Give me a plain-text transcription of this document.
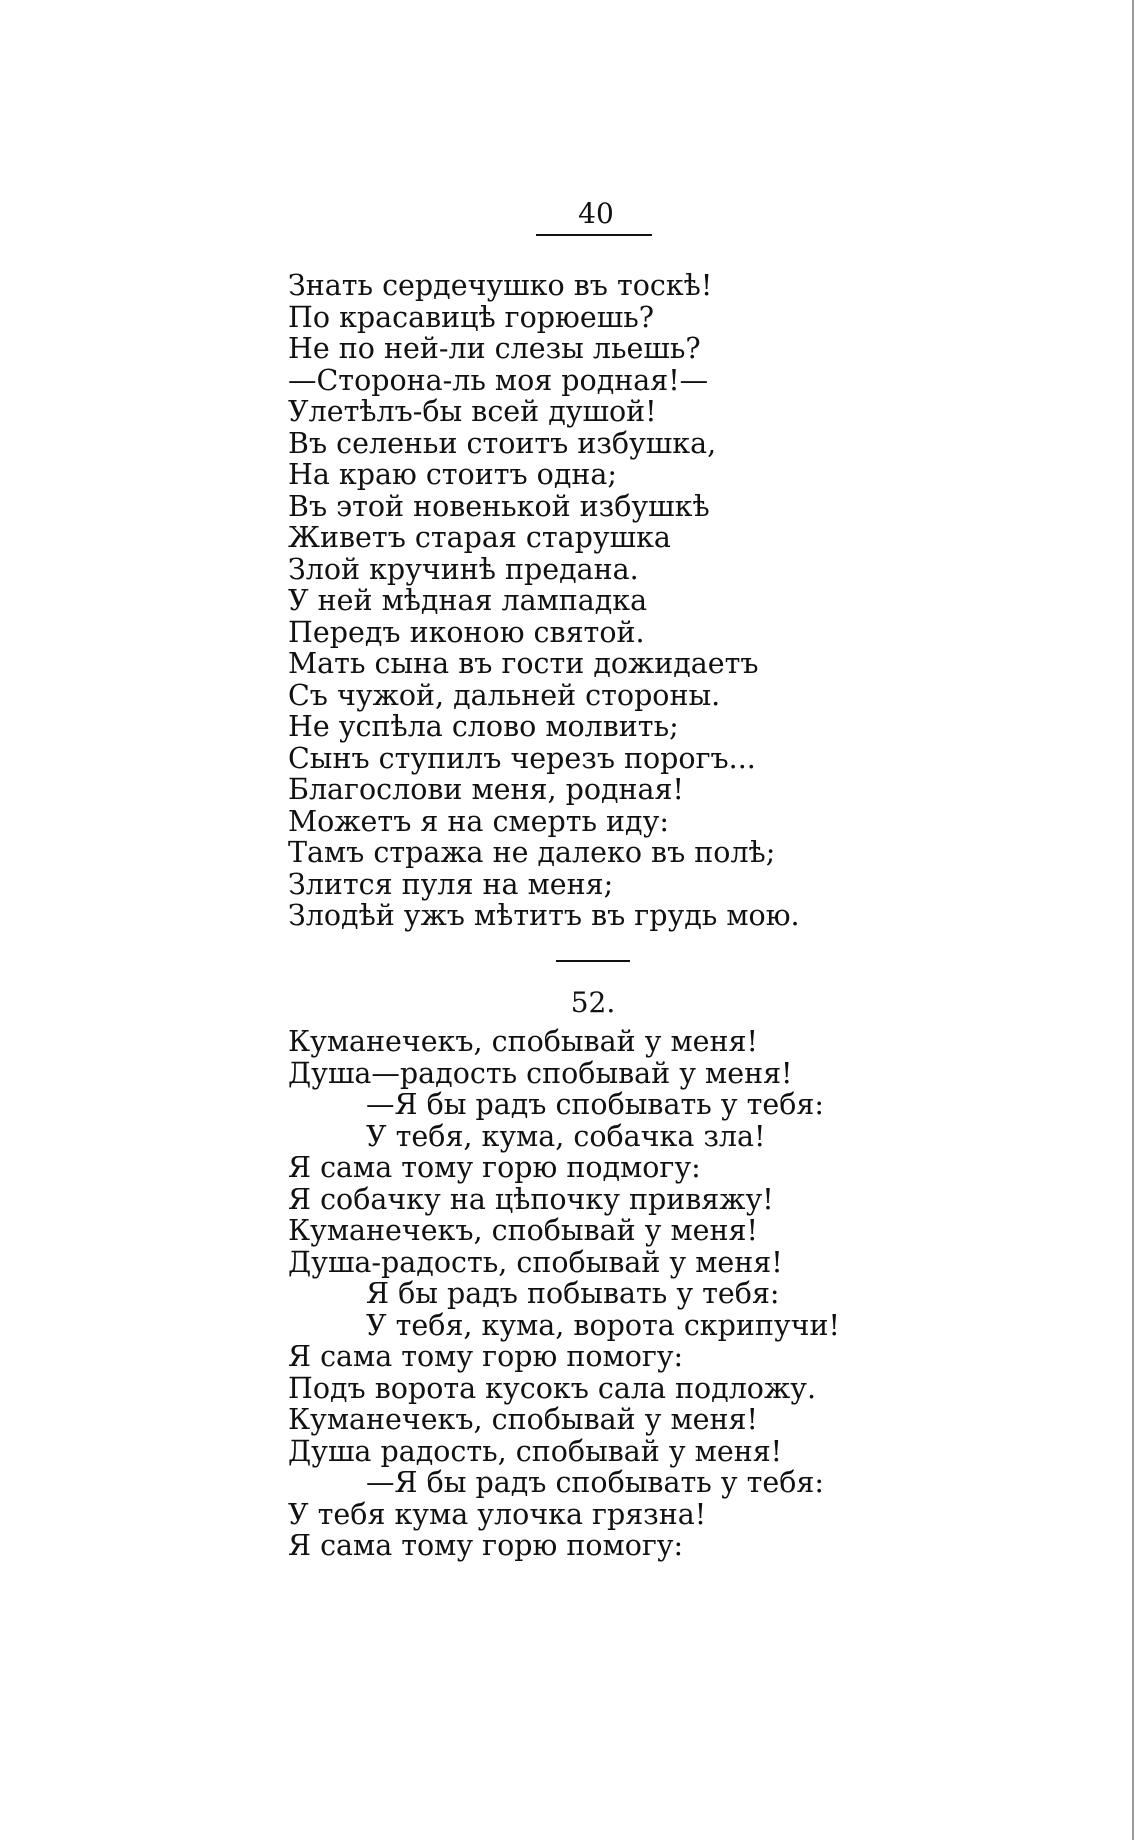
40
Знать сердечушко въ тоскѣ!
По красавицѣ горюешь?
Не по ней-ли слезы льешь?
—Сторона-ль моя родная!—
Улетѣлъ-бы всей душой!
Въ селеньи стоитъ избушка,
На краю стоитъ одна;
Въ этой новенькой избушкѣ
Живетъ старая старушка
Злой кручинѣ предана.
У ней мѣдная лампадка
Передъ иконою святой.
Мать сына въ гости дожидаетъ
Съ чужой, дальней стороны.
Не успѣла слово молвить;
Сынъ ступилъ черезъ порогъ...
Благослови меня, родная!
Можетъ я на смерть иду:
Тамъ стража не далеко въ полѣ;
Злится пуля на меня;
Злодѣй ужъ мѣтитъ въ грудь мою.
52.
Куманечекъ, спобывай у меня!
Душа—радость спобывай у меня!
—Я бы радъ спобывать у тебя:
У тебя, кума, собачка зла!
Я сама тому горю подмогу:
Я собачку на цѣпочку привяжу!
Куманечекъ, спобывай у меня!
Душа-радость, спобывай у меня!
Я бы радъ побывать у тебя:
У тебя, кума, ворота скрипучи!
Я сама тому горю помогу:
Подъ ворота кусокъ сала подложу.
Куманечекъ, спобывай у меня!
Душа радость, спобывай у меня!
—Я бы радъ спобывать у тебя:
У тебя кума улочка грязна!
Я сама тому горю помогу:
